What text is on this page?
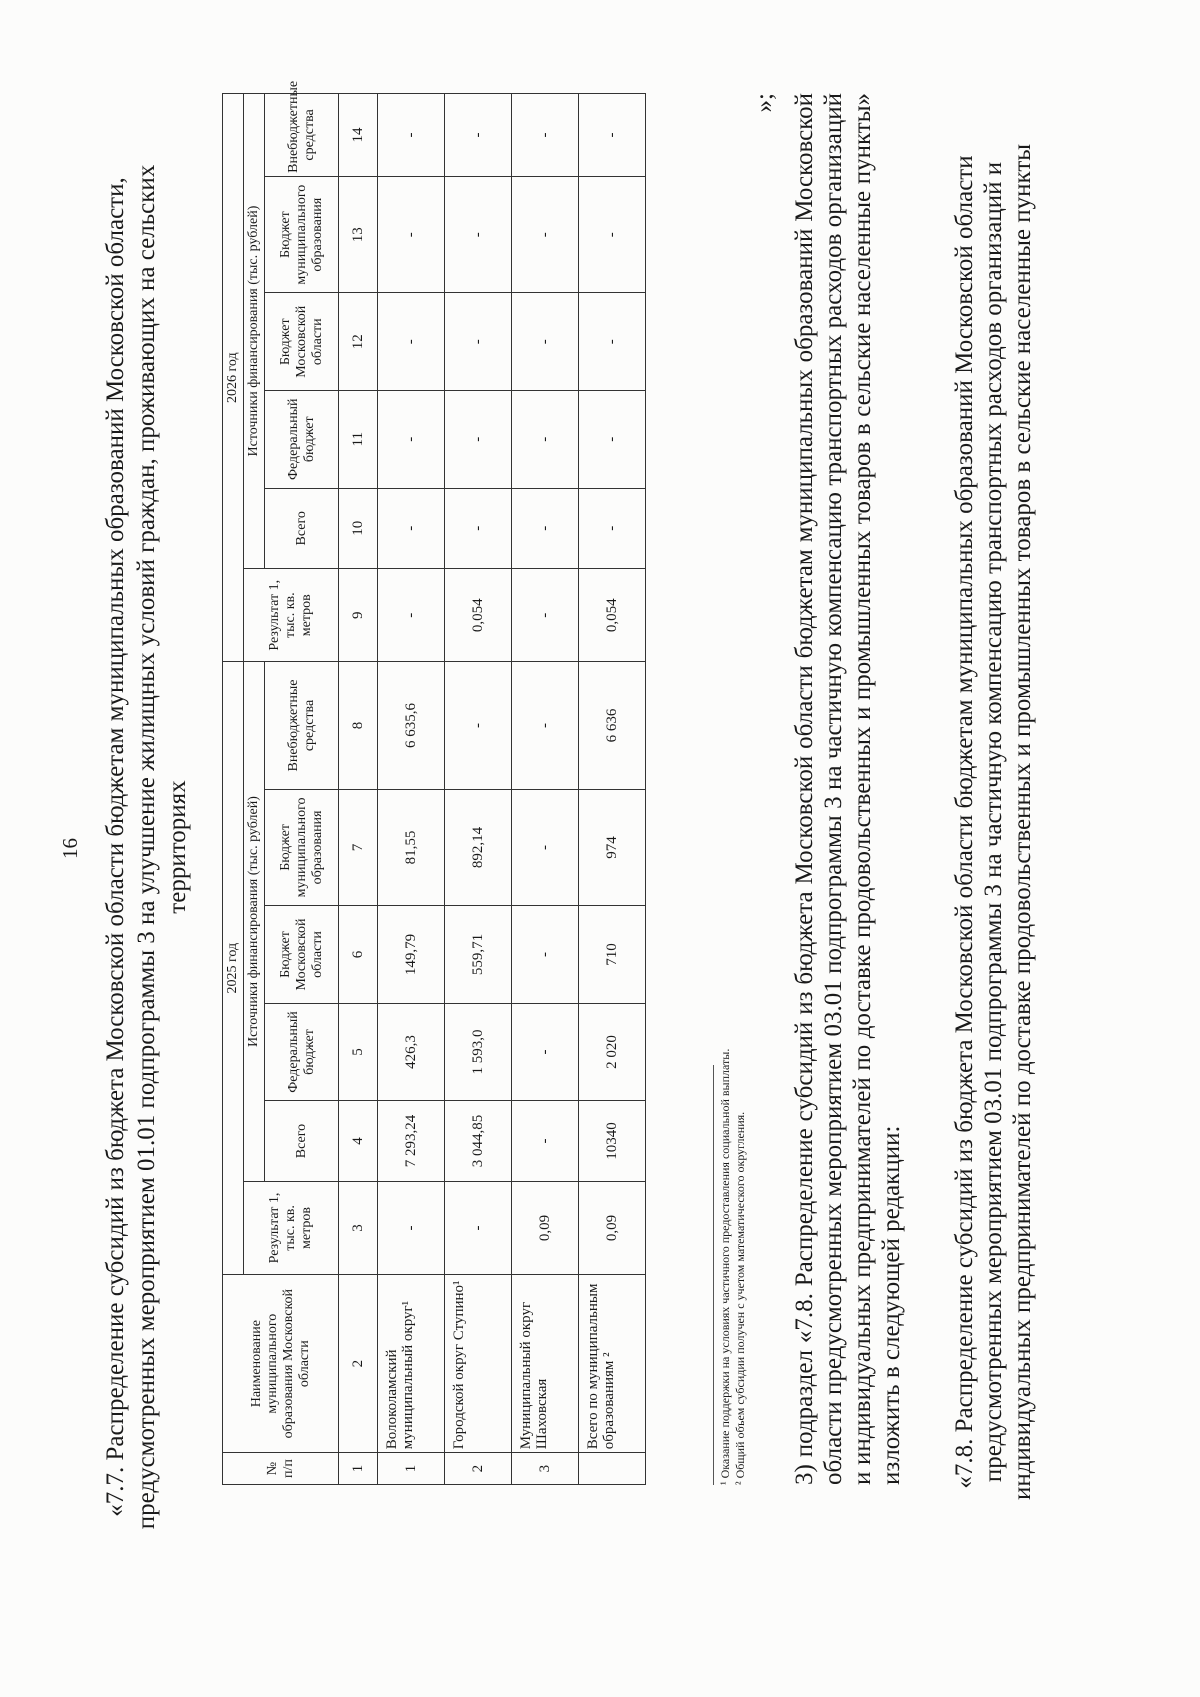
16 «7.7. Распределение субсидий из бюджета Московской области бюджетам муниципальных образований Московской области, предусмотренных мероприятием 01.01 подпрограммы 3 на улучшение жилищных условий граждан, проживающих на сельских территориях
№ п/п	Наименование муниципального образования Московской области	2025 год						2026 год					
		Результат 1, тыс. кв. метров	Источники финансирования (тыс. рублей)					Результат 1, тыс. кв. метров	Источники финансирования (тыс. рублей)				
			Всего	Федеральный бюджет	Бюджет Московской области	Бюджет муниципального образования	Внебюджетные средства		Всего	Федеральный бюджет	Бюджет Московской области	Бюджет муниципального образования	Внебюджетные средства
1	2	3	4	5	6	7	8	9	10	11	12	13	14
1	Волоколамский муниципальный округ¹	-	7 293,24	426,3	149,79	81,55	6 635,6	-	-	-	-	-	-
2	Городской округ Ступино¹	-	3 044,85	1 593,0	559,71	892,14	-	0,054	-	-	-	-	-
3	Муниципальный округ Шаховская	0,09	-	-	-	-	-	-	-	-	-	-	-
	Всего по муниципальным образованиям ²	0,09	10340	2 020	710	974	6 636	0,054	-	-	-	-	-
¹ Оказание поддержки на условиях частичного предоставления социальной выплаты. ² Общий объем субсидии получен с учетом математического округления.
»; 3) подраздел «7.8. Распределение субсидий из бюджета Московской области бюджетам муниципальных образований Московской области предусмотренных мероприятием 03.01 подпрограммы 3 на частичную компенсацию транспортных расходов организаций и индивидуальных предпринимателей по доставке продовольственных и промышленных товаров в сельские населенные пункты» изложить в следующей редакции: «7.8. Распределение субсидий из бюджета Московской области бюджетам муниципальных образований Московской области предусмотренных мероприятием 03.01 подпрограммы 3 на частичную компенсацию транспортных расходов организаций и индивидуальных предпринимателей по доставке продовольственных и промышленных товаров в сельские населенные пункты
